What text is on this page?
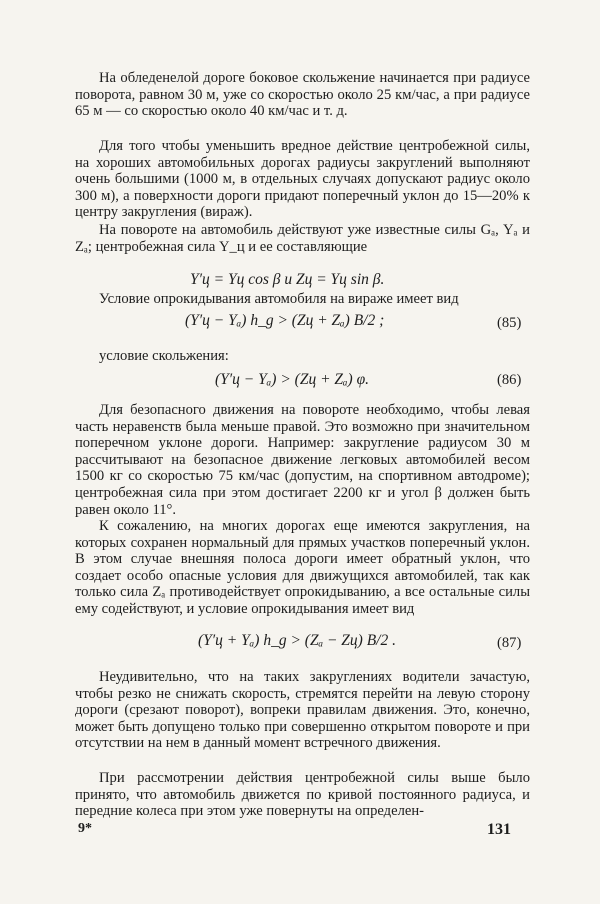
На обледенелой дороге боковое скольжение начинается при радиусе поворота, равном 30 м, уже со скоростью около 25 км/час, а при радиусе 65 м — со скоростью около 40 км/час и т. д.

Для того чтобы уменьшить вредное действие центробежной силы, на хороших автомобильных дорогах радиусы закруглений выполняют очень большими (1000 м, в отдельных случаях допускают радиус около 300 м), а поверхности дороги придают поперечный уклон до 15—20% к центру закругления (вираж).

На повороте на автомобиль действуют уже известные силы Gₐ, Yₐ и Zₐ; центробежная сила Y_ц и ее составляющие

Y′ц = Yц cos β и Zц = Yц sin β.

Условие опрокидывания автомобиля на вираже имеет вид

(Y′ц − Yₐ) h_g > (Zц + Zₐ) B/2 ;	(85)

условие скольжения:

(Y′ц − Yₐ) > (Zц + Zₐ) φ.	(86)

Для безопасного движения на повороте необходимо, чтобы левая часть неравенств была меньше правой. Это возможно при значительном поперечном уклоне дороги. Например: закругление радиусом 30 м рассчитывают на безопасное движение легковых автомобилей весом 1500 кг со скоростью 75 км/час (допустим, на спортивном автодроме); центробежная сила при этом достигает 2200 кг и угол β должен быть равен около 11°.

К сожалению, на многих дорогах еще имеются закругления, на которых сохранен нормальный для прямых участков поперечный уклон. В этом случае внешняя полоса дороги имеет обратный уклон, что создает особо опасные условия для движущихся автомобилей, так как только сила Zₐ противодействует опрокидыванию, а все остальные силы ему содействуют, и условие опрокидывания имеет вид

(Y′ц + Yₐ) h_g > (Zₐ − Zц) B/2 .	(87)

Неудивительно, что на таких закруглениях водители зачастую, чтобы резко не снижать скорость, стремятся перейти на левую сторону дороги (срезают поворот), вопреки правилам движения. Это, конечно, может быть допущено только при совершенно открытом повороте и при отсутствии на нем в данный момент встречного движения.

При рассмотрении действия центробежной силы выше было принято, что автомобиль движется по кривой постоянного радиуса, и передние колеса при этом уже повернуты на определен-

9*	131
